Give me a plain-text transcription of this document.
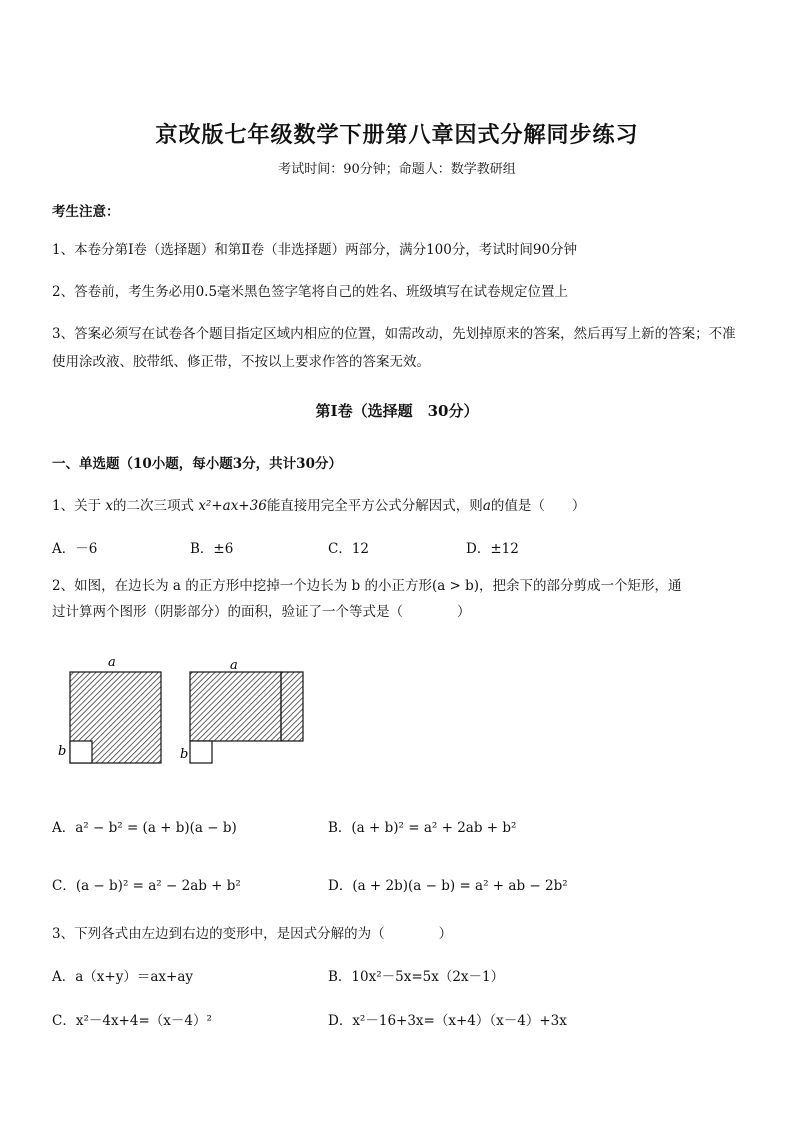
京改版七年级数学下册第八章因式分解同步练习
考试时间：90分钟；命题人：数学教研组
考生注意：
1、本卷分第Ⅰ卷（选择题）和第Ⅱ卷（非选择题）两部分，满分100分，考试时间90分钟
2、答卷前，考生务必用0.5毫米黑色签字笔将自己的姓名、班级填写在试卷规定位置上
3、答案必须写在试卷各个题目指定区域内相应的位置，如需改动，先划掉原来的答案，然后再写上新的答案；不准使用涂改液、胶带纸、修正带，不按以上要求作答的答案无效。
第Ⅰ卷（选择题　30分）
一、单选题（10小题，每小题3分，共计30分）
1、关于 x的二次三项式 x²+ax+36能直接用完全平方公式分解因式，则a的值是（　　）
A．－6	B．±6	C．12	D．±12
2、如图，在边长为 a 的正方形中挖掉一个边长为 b 的小正方形(a > b)，把余下的部分剪成一个矩形，通
过计算两个图形（阴影部分）的面积，验证了一个等式是（　　　　）
a
b
a
b
A．a² − b² = (a + b)(a − b)	B．(a + b)² = a² + 2ab + b²
C．(a − b)² = a² − 2ab + b²	D．(a + 2b)(a − b) = a² + ab − 2b²
3、下列各式由左边到右边的变形中，是因式分解的为（　　　　）
A．a（x+y）＝ax+ay	B．10x²－5x=5x（2x－1）
C．x²－4x+4=（x－4）²	D．x²－16+3x=（x+4）（x－4）+3x
